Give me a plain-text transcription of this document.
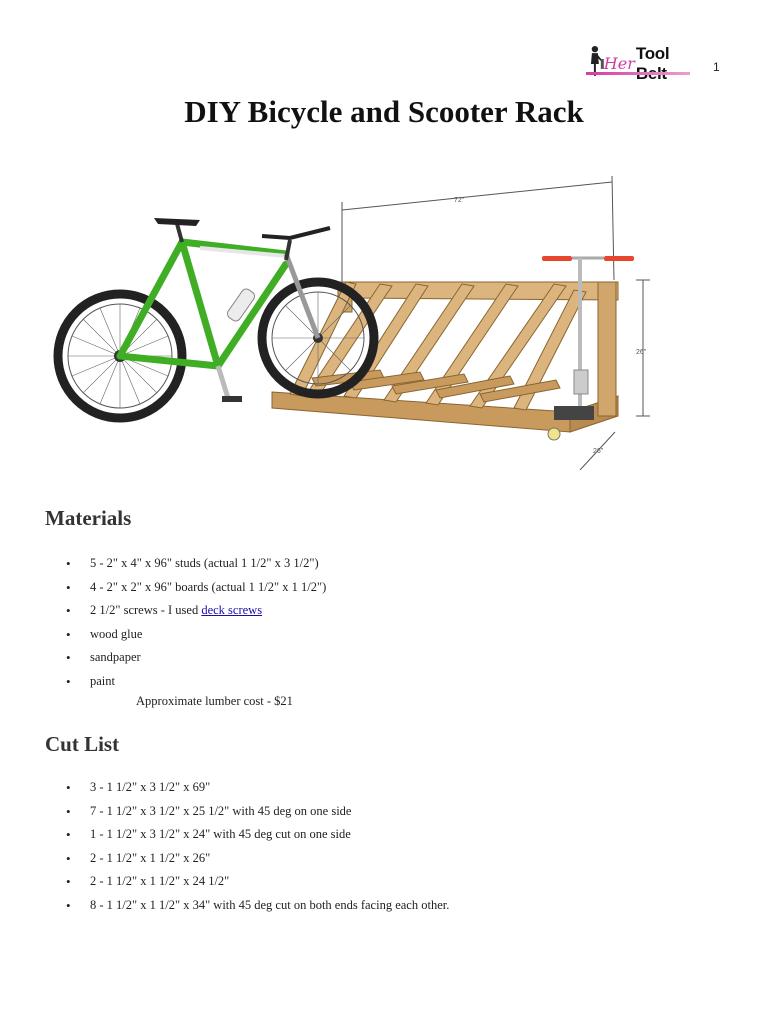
Her Tool
1
DIY Bicycle and Scooter Rack
72"
26"
26"
Materials
• 5 - 2" x 4" x 96" studs (actual 1 1/2" x 3 1/2")
• 4 - 2" x 2" x 96" boards (actual 1 1/2" x 1 1/2")
• 2 1/2" screws - I used deck screws
• wood glue
• sandpaper
• paint
Approximate lumber cost - $21
Cut List
• 3 - 1 1/2" x 3 1/2" x 69"
• 7 - 1 1/2" x 3 1/2" x 25 1/2" with 45 deg on one side
• 1 - 1 1/2" x 3 1/2" x 24" with 45 deg cut on one side
• 2 - 1 1/2" x 1 1/2" x 26"
• 2 - 1 1/2" x 1 1/2" x 24 1/2"
• 8 - 1 1/2" x 1 1/2" x 34" with 45 deg cut on both ends facing each other.
